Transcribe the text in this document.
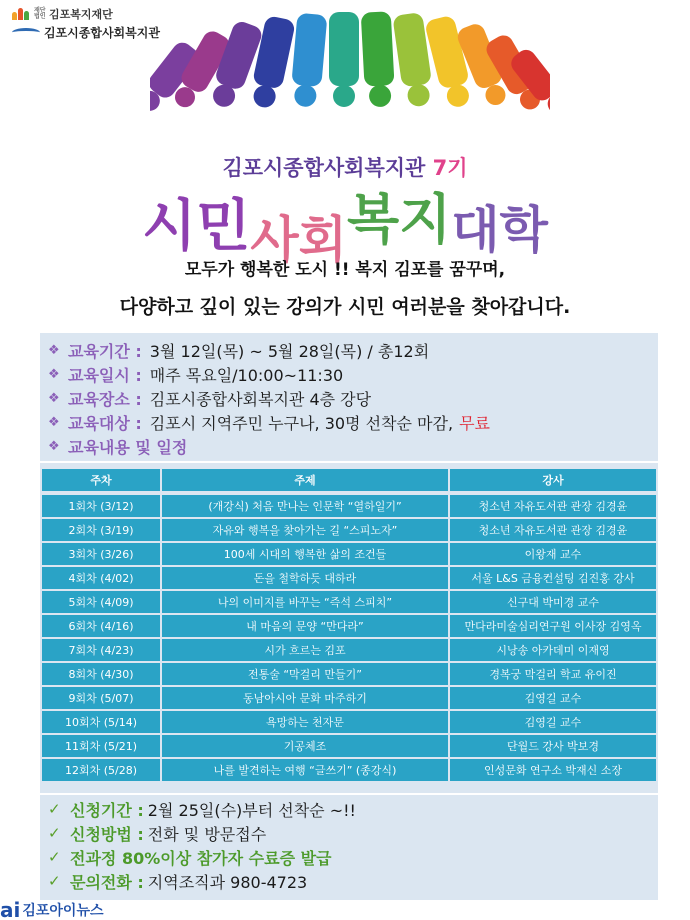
재단법인 김포복지재단
김포시종합사회복지관
김포시종합사회복지관 7기
시민사회복지대학
모두가 행복한 도시 !! 복지 김포를 꿈꾸며,
다양하고 깊이 있는 강의가 시민 여러분을 찾아갑니다.
❖ 교육기간 : 3월 12일(목) ~ 5월 28일(목) / 총12회
❖ 교육일시 : 매주 목요일/10:00~11:30
❖ 교육장소 : 김포시종합사회복지관 4층 강당
❖ 교육대상 : 김포시 지역주민 누구나, 30명 선착순 마감, 무료
❖ 교육내용 및 일정
주차	주제	강사
1회차 (3/12)	(개강식) 처음 만나는 인문학 “열하일기”	청소년 자유도서관 관장 김경윤
2회차 (3/19)	자유와 행복을 찾아가는 길 “스피노자”	청소년 자유도서관 관장 김경윤
3회차 (3/26)	100세 시대의 행복한 삶의 조건들	이왕재 교수
4회차 (4/02)	돈을 철학하듯 대하라	서울 L&S 금융컨설팅 김진홍 강사
5회차 (4/09)	나의 이미지를 바꾸는 “즉석 스피치”	신구대 박미경 교수
6회차 (4/16)	내 마음의 문양 “만다라”	만다라미술심리연구원 이사장 김영옥
7회차 (4/23)	시가 흐르는 김포	시낭송 아카데미 이재영
8회차 (4/30)	전통술 “막걸리 만들기”	경복궁 막걸리 학교 유이진
9회차 (5/07)	동남아시아 문화 마주하기	김영길 교수
10회차 (5/14)	욕망하는 천자문	김영길 교수
11회차 (5/21)	기공체조	단월드 강사 박보경
12회차 (5/28)	나를 발견하는 여행 “글쓰기” (종강식)	인성문화 연구소 박재신 소장
✓ 신청기간 : 2월 25일(수)부터 선착순 ~!!
✓ 신청방법 : 전화 및 방문접수
✓ 전과정 80%이상 참가자 수료증 발급
✓ 문의전화 : 지역조직과 980-4723
ai 김포아이뉴스
